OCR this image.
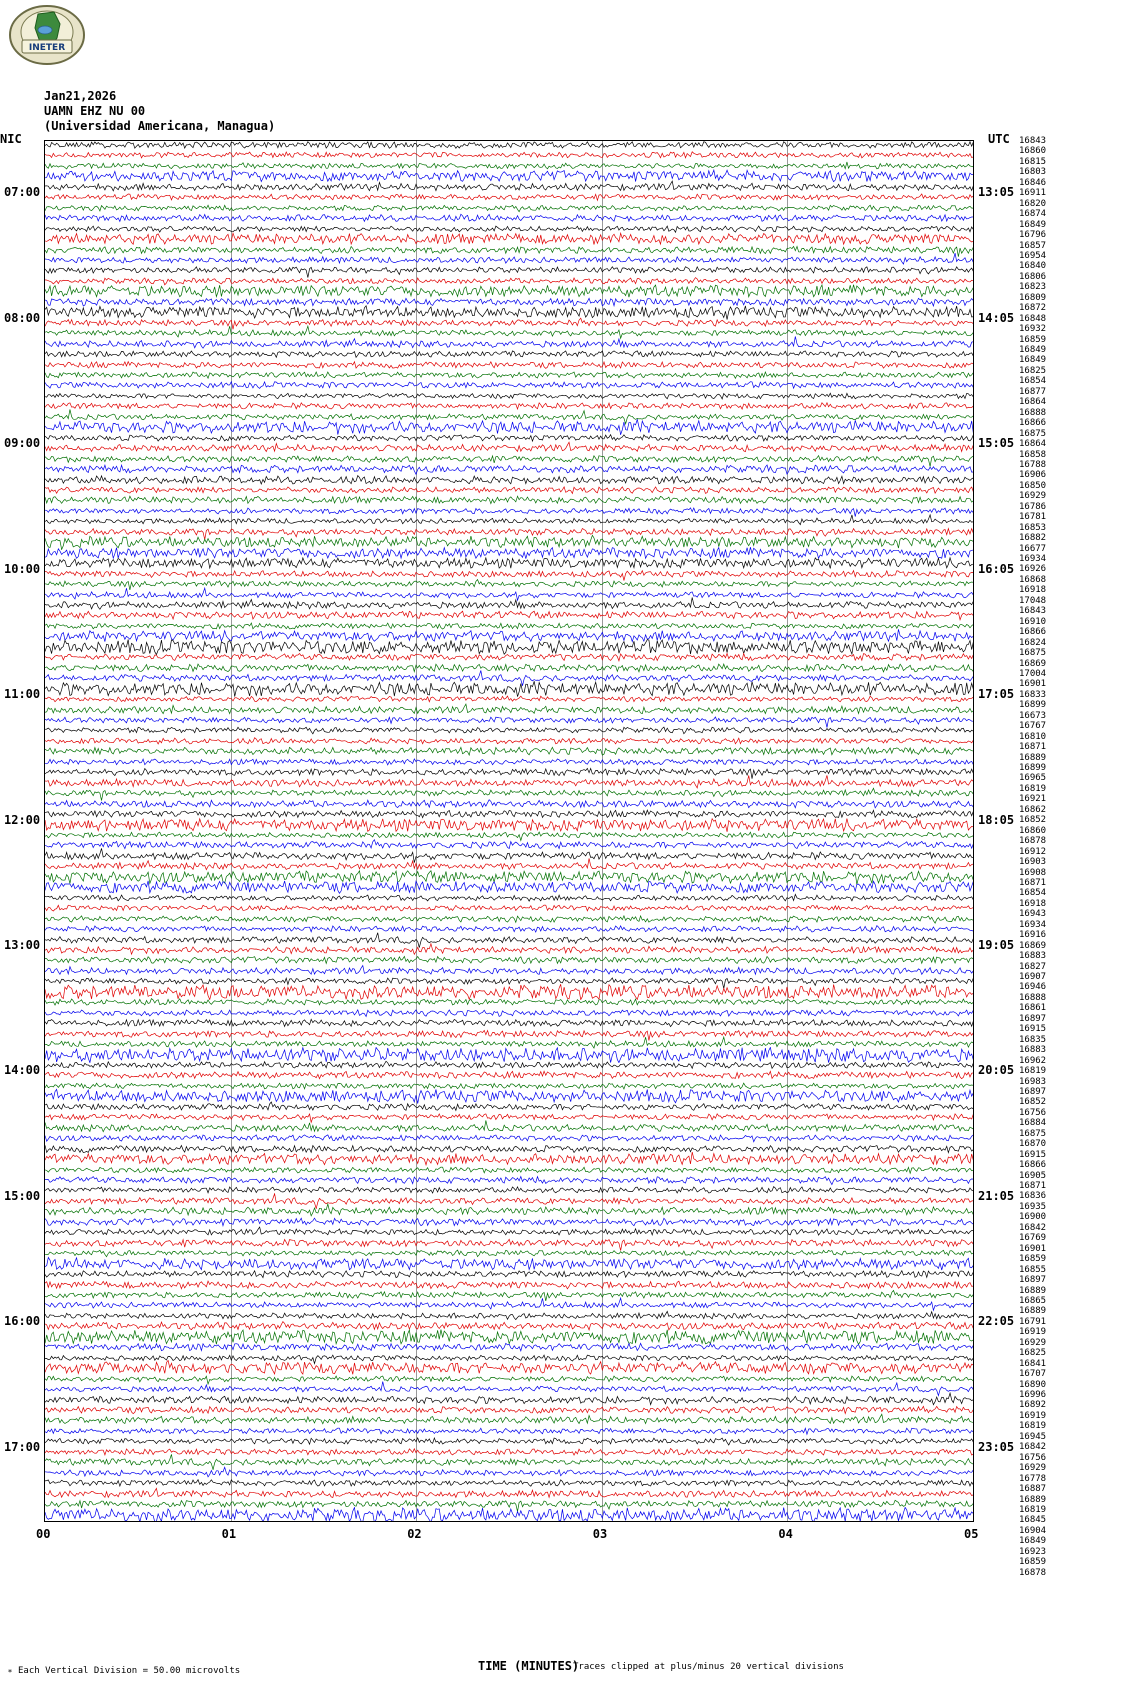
INETER
Jan21,2026
UAMN EHZ NU 00
(Universidad Americana, Managua)
NIC	UTC
* Each Vertical Division = 50.00 microvolts	TIME (MINUTES)
Traces clipped at plus/minus 20 vertical divisions
16843
16860
16815
16803
16846
16911
16820
16874
16849
16796
16857
16954
16840
16806
16823
16809
16872
16848
16932
16859
16849
16849
16825
16854
16877
16864
16888
16866
16875
16864
16858
16788
16906
16850
16929
16786
16781
16853
16882
16677
16934
16926
16868
16918
17048
16843
16910
16866
16824
16875
16869
17004
16901
16833
16899
16673
16767
16810
16871
16889
16899
16965
16819
16921
16862
16852
16860
16878
16912
16903
16908
16871
16854
16918
16943
16934
16916
16869
16883
16827
16907
16946
16888
16861
16897
16915
16835
16883
16962
16819
16983
16897
16852
16756
16884
16875
16870
16915
16866
16905
16871
16836
16935
16900
16842
16769
16901
16859
16855
16897
16889
16865
16889
16791
16919
16929
16825
16841
16707
16890
16996
16892
16919
16819
16945
16842
16756
16929
16778
16887
16889
16819
16845
16904
16849
16923
16859
16878
07:00	13:05
08:00	14:05
09:00	15:05
10:00	16:05
11:00	17:05
12:00	18:05
13:00	19:05
14:00	20:05
15:00	21:05
16:00	22:05
17:00	23:05
00	01	02	03	04	05
